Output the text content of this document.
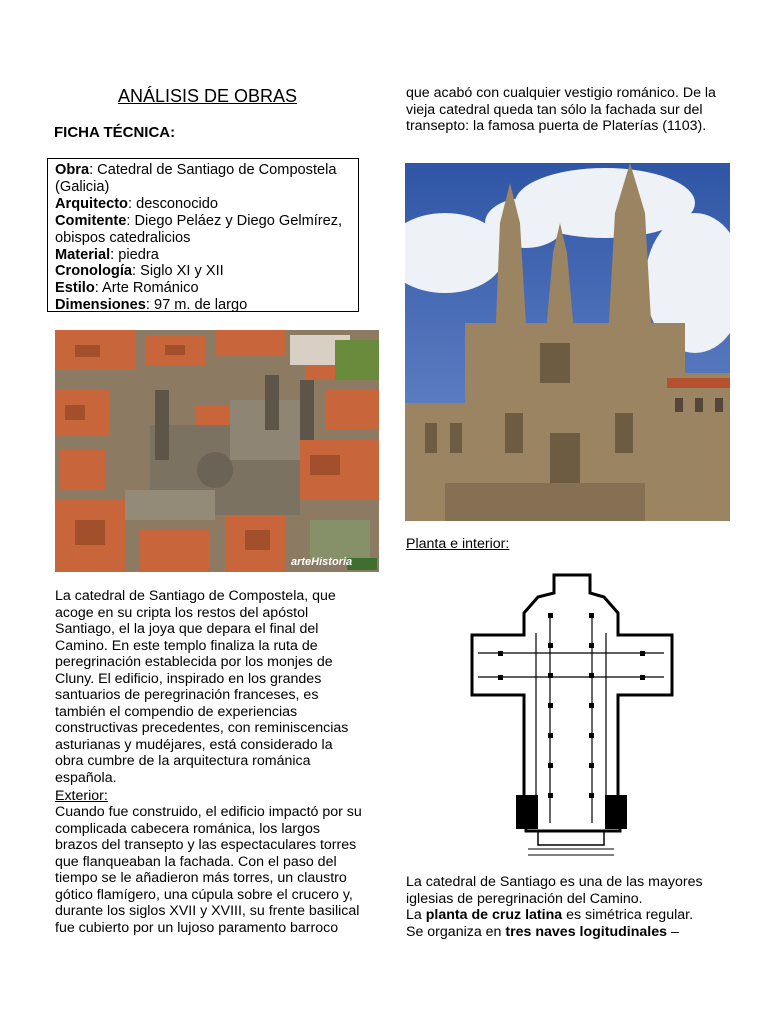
ANÁLISIS DE OBRAS
FICHA TÉCNICA:
Obra: Catedral de Santiago de Compostela (Galicia)
Arquitecto: desconocido
Comitente: Diego Peláez y Diego Gelmírez, obispos catedralicios
Material: piedra
Cronología: Siglo XI y XII
Estilo: Arte Románico
Dimensiones: 97 m. de largo
arteHistoria
La catedral de Santiago de Compostela, que acoge en su cripta los restos del apóstol Santiago, el la joya que depara el final del Camino. En este templo finaliza la ruta de peregrinación establecida por los monjes de Cluny. El edificio, inspirado en los grandes santuarios de peregrinación franceses, es también el compendio de experiencias constructivas precedentes, con reminiscencias asturianas y mudéjares, está considerado la obra cumbre de la arquitectura románica española.
Exterior:
Cuando fue construido, el edificio impactó por su complicada cabecera románica, los largos brazos del transepto y las espectaculares torres que flanqueaban la fachada. Con el paso del tiempo se le añadieron más torres, un claustro gótico flamígero, una cúpula sobre el crucero y, durante los siglos XVII y XVIII, su frente basilical fue cubierto por un lujoso paramento barroco
que acabó con cualquier vestigio románico. De la vieja catedral queda tan sólo la fachada sur del transepto: la famosa puerta de Platerías (1103).
Planta e interior:
La catedral de Santiago es una de las mayores iglesias de peregrinación del Camino.
La planta de cruz latina es simétrica regular.
Se organiza en tres naves logitudinales –
